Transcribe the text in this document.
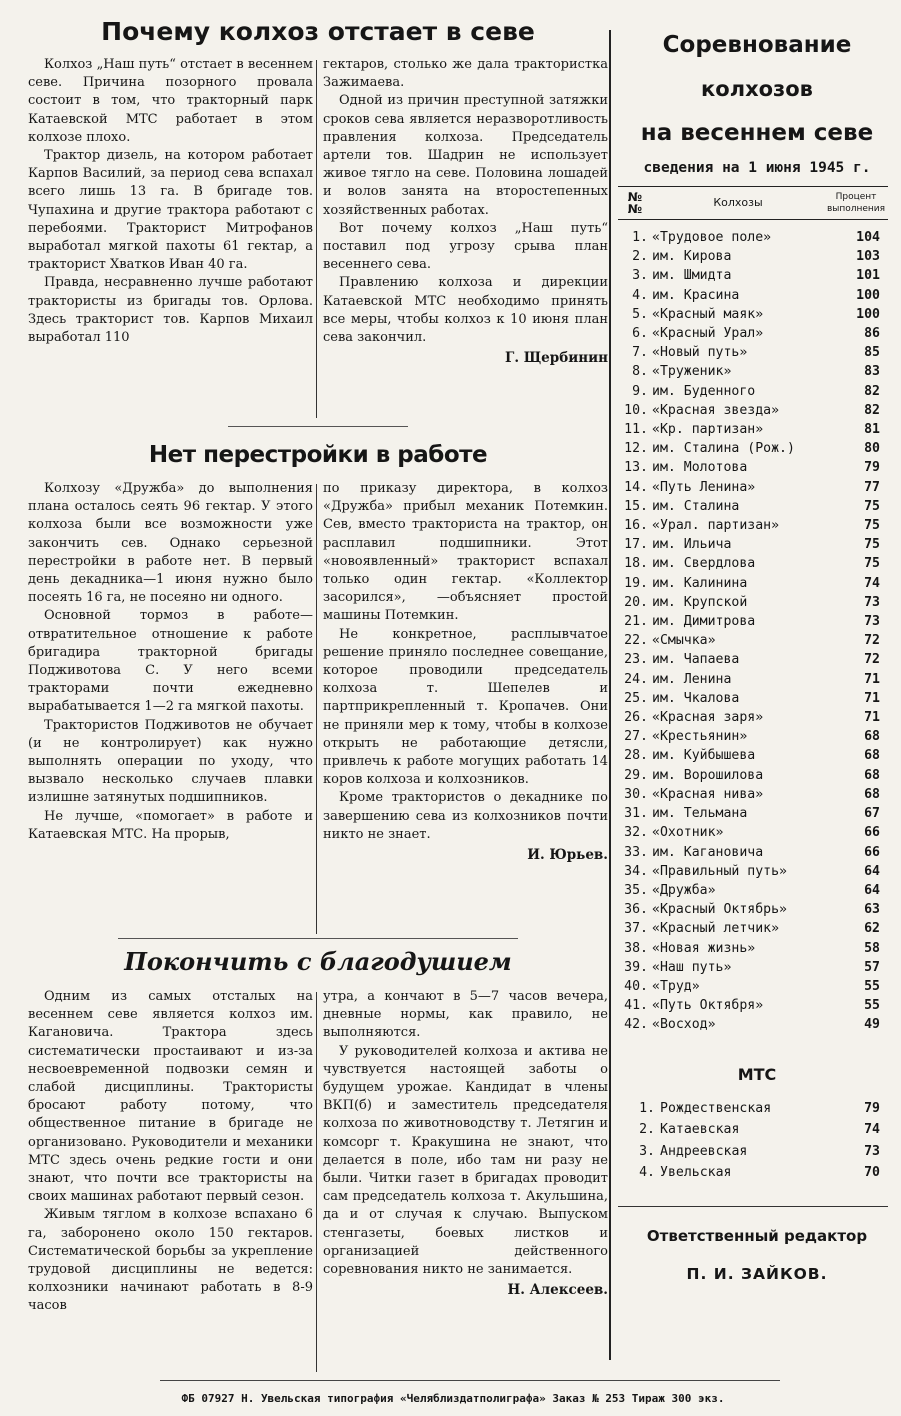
Почему колхоз отстает в севе

Колхоз „Наш путь“ отстает в весеннем севе. Причина позорного провала состоит в том, что тракторный парк Катаевской МТС работает в этом колхозе плохо.

Трактор дизель, на котором работает Карпов Василий, за период сева вспахал всего лишь 13 га. В бригаде тов. Чупахина и другие трактора работают с перебоями. Тракторист Митрофанов выработал мягкой пахоты 61 гектар, а тракторист Хватков Иван 40 га.

Правда, несравненно лучше работают трактористы из бригады тов. Орлова. Здесь тракторист тов. Карпов Михаил выработал 110

гектаров, столько же дала трактористка Зажимаева.

Одной из причин преступной затяжки сроков сева является неразворотливость правления колхоза. Председатель артели тов. Шадрин не использует живое тягло на севе. Половина лошадей и волов занята на второстепенных хозяйственных работах.

Вот почему колхоз „Наш путь“ поставил под угрозу срыва план весеннего сева.

Правлению колхоза и дирекции Катаевской МТС необходимо принять все меры, чтобы колхоз к 10 июня план сева закончил.

Г. Щербинин

Нет перестройки в работе

Колхозу «Дружба» до выполнения плана осталось сеять 96 гектар. У этого колхоза были все возможности уже закончить сев. Однако серьезной перестройки в работе нет. В первый день декадника—1 июня нужно было посеять 16 га, не посеяно ни одного.

Основной тормоз в работе—отвратительное отношение к работе бригадира тракторной бригады Подживотова С. У него всеми тракторами почти ежедневно вырабатывается 1—2 га мягкой пахоты.

Трактористов Подживотов не обучает (и не контролирует) как нужно выполнять операции по уходу, что вызвало несколько случаев плавки излишне затянутых подшипников.

Не лучше, «помогает» в работе и Катаевская МТС. На прорыв,

по приказу директора, в колхоз «Дружба» прибыл механик Потемкин. Сев, вместо тракториста на трактор, он расплавил подшипники. Этот «новоявленный» тракторист вспахал только один гектар. «Коллектор засорился», —объясняет простой машины Потемкин.

Не конкретное, расплывчатое решение приняло последнее совещание, которое проводили председатель колхоза т. Шепелев и партприкрепленный т. Кропачев. Они не приняли мер к тому, чтобы в колхозе открыть не работающие детясли, привлечь к работе могущих работать 14 коров колхоза и колхозников.

Кроме трактористов о декаднике по завершению сева из колхозников почти никто не знает.

И. Юрьев.

Покончить с благодушием

Одним из самых отсталых на весеннем севе является колхоз им. Кагановича. Трактора здесь систематически простаивают и из-за несвоевременной подвозки семян и слабой дисциплины. Трактористы бросают работу потому, что общественное питание в бригаде не организовано. Руководители и механики МТС здесь очень редкие гости и они знают, что почти все трактористы на своих машинах работают первый сезон.

Живым тяглом в колхозе вспахано 6 га, заборонено около 150 гектаров. Систематической борьбы за укрепление трудовой дисциплины не ведется: колхозники начинают работать в 8-9 часов

утра, а кончают в 5—7 часов вечера, дневные нормы, как правило, не выполняются.

У руководителей колхоза и актива не чувствуется настоящей заботы о будущем урожае. Кандидат в члены ВКП(б) и заместитель председателя колхоза по животноводству т. Летягин и комсорг т. Кракушина не знают, что делается в поле, ибо там ни разу не были. Читки газет в бригадах проводит сам председатель колхоза т. Акульшина, да и от случая к случаю. Выпуском стенгазеты, боевых листков и организацией действенного соревнования никто не занимается.

Н. Алексеев.

Соревнование
колхозов
на весеннем севе
сведения на 1 июня 1945 г.
№ №	Колхозы	Процент выполнения
1.	«Трудовое поле»	104
2.	им. Кирова	103
3.	им. Шмидта	101
4.	им. Красина	100
5.	«Красный маяк»	100
6.	«Красный Урал»	86
7.	«Новый путь»	85
8.	«Труженик»	83
9.	им. Буденного	82
10.	«Красная звезда»	82
11.	«Кр. партизан»	81
12.	им. Сталина (Рож.)	80
13.	им. Молотова	79
14.	«Путь Ленина»	77
15.	им. Сталина	75
16.	«Урал. партизан»	75
17.	им. Ильича	75
18.	им. Свердлова	75
19.	им. Калинина	74
20.	им. Крупской	73
21.	им. Димитрова	73
22.	«Смычка»	72
23.	им. Чапаева	72
24.	им. Ленина	71
25.	им. Чкалова	71
26.	«Красная заря»	71
27.	«Крестьянин»	68
28.	им. Куйбышева	68
29.	им. Ворошилова	68
30.	«Красная нива»	68
31.	им. Тельмана	67
32.	«Охотник»	66
33.	им. Кагановича	66
34.	«Правильный путь»	64
35.	«Дружба»	64
36.	«Красный Октябрь»	63
37.	«Красный летчик»	62
38.	«Новая жизнь»	58
39.	«Наш путь»	57
40.	«Труд»	55
41.	«Путь Октября»	55
42.	«Восход»	49
МТС
1.	Рождественская	79
2.	Катаевская	74
3.	Андреевская	73
4.	Увельская	70
Ответственный редактор
П. И. ЗАЙКОВ.
ФБ 07927 Н. Увельская типография «Челяблиздатполиграфа» Заказ № 253 Тираж 300 экз.
